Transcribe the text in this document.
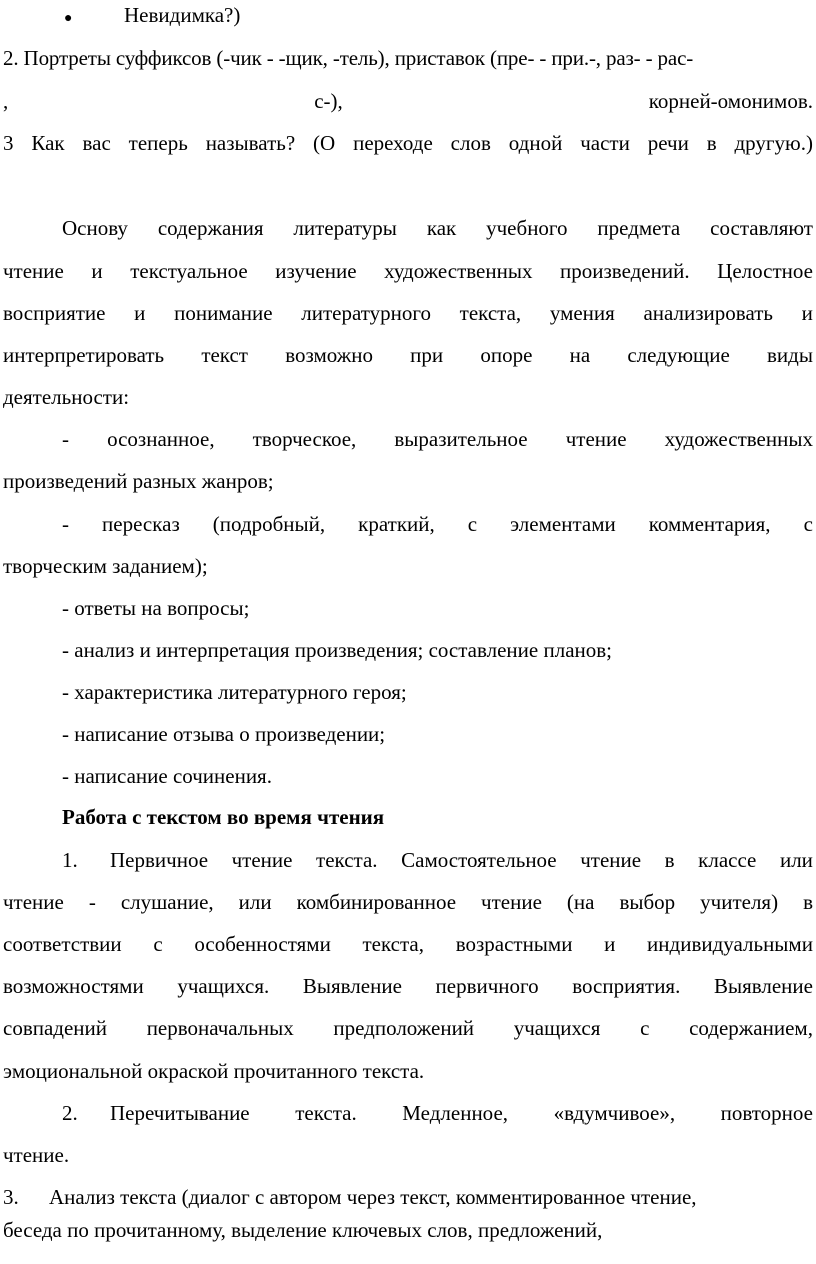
● Невидимка?)
2. Портреты суффиксов (-чик - -щик, -тель), приставок (пре- - при.-, раз- - рас-
,	с-),	корней-омонимов.
3 Как вас теперь называть? (О переходе слов одной части речи в другую.)
Основу содержания литературы как учебного предмета составляют
чтение и текстуальное изучение художественных произведений. Целостное
восприятие и понимание литературного текста, умения анализировать и
интерпретировать текст возможно при опоре на следующие виды
деятельности:
- осознанное, творческое, выразительное чтение художественных
произведений разных жанров;
- пересказ (подробный, краткий, с элементами комментария, с
творческим заданием);
- ответы на вопросы;
- анализ и интерпретация произведения; составление планов;
- характеристика литературного героя;
- написание отзыва о произведении;
- написание сочинения.
Работа с текстом во время чтения
1. Первичное чтение текста. Самостоятельное чтение в классе или
чтение - слушание, или комбинированное чтение (на выбор учителя) в
соответствии с особенностями текста, возрастными и индивидуальными
возможностями учащихся. Выявление первичного восприятия. Выявление
совпадений первоначальных предположений учащихся с содержанием,
эмоциональной окраской прочитанного текста.
2. Перечитывание текста. Медленное, «вдумчивое», повторное
чтение.
3. Анализ текста (диалог с автором через текст, комментированное чтение,
беседа по прочитанному, выделение ключевых слов, предложений,
